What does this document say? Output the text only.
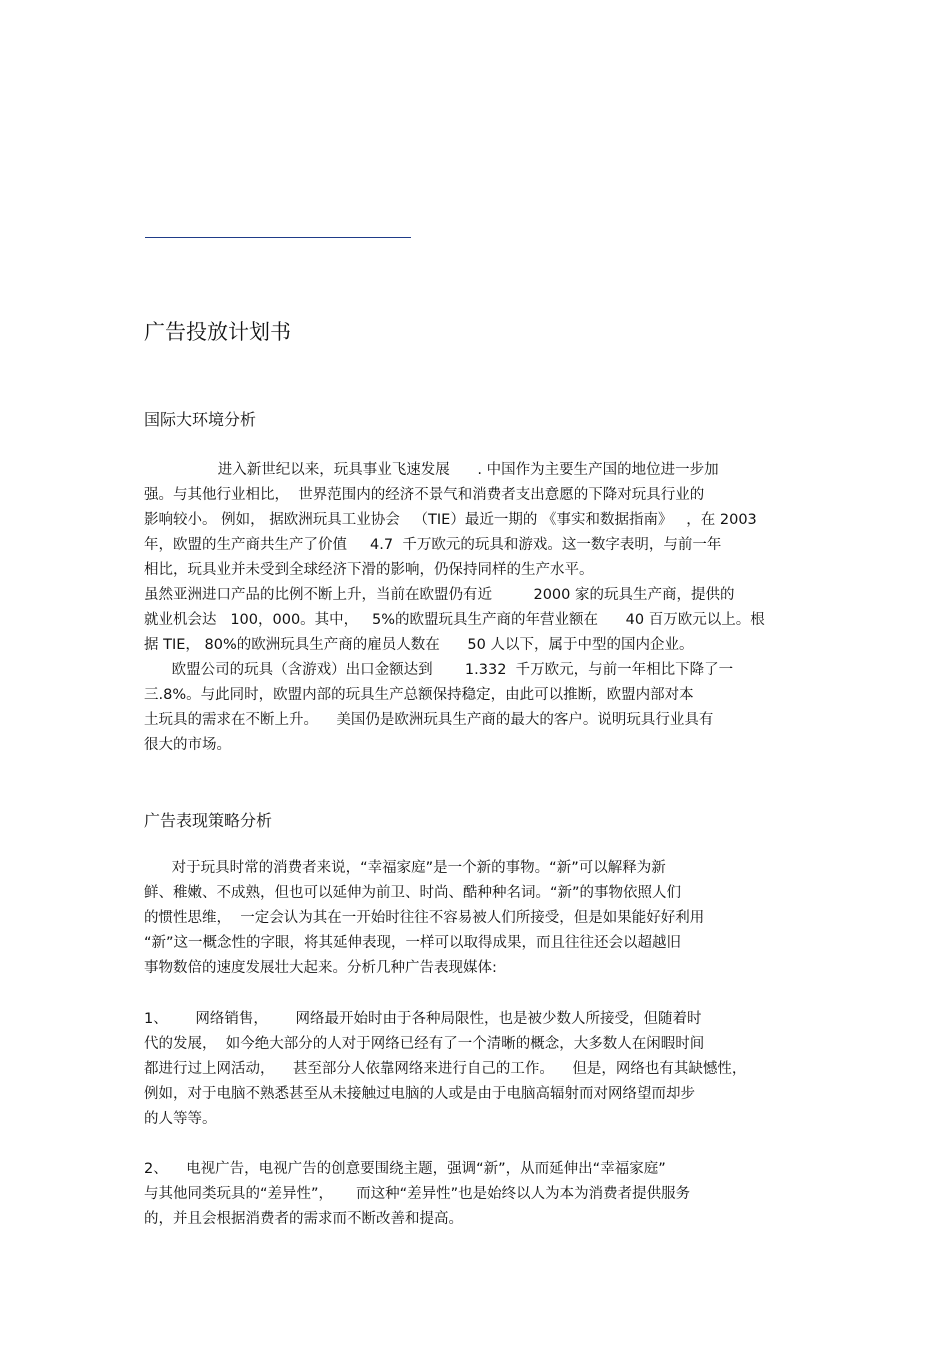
广告投放计划书
国际大环境分析
进入新世纪以来，玩具事业飞速发展      . 中国作为主要生产国的地位进一步加
强。与其他行业相比，  世界范围内的经济不景气和消费者支出意愿的下降对玩具行业的
影响较小。 例如， 据欧洲玩具工业协会   （TIE）最近一期的 《事实和数据指南》   ，在 2003
年，欧盟的生产商共生产了价值     4.7  千万欧元的玩具和游戏。这一数字表明，与前一年
相比，玩具业并未受到全球经济下滑的影响，仍保持同样的生产水平。
虽然亚洲进口产品的比例不断上升，当前在欧盟仍有近         2000 家的玩具生产商，提供的
就业机会达   100，000。其中，   5%的欧盟玩具生产商的年营业额在      40 百万欧元以上。根
据 TIE， 80%的欧洲玩具生产商的雇员人数在      50 人以下，属于中型的国内企业。
欧盟公司的玩具（含游戏）出口金额达到       1.332  千万欧元，与前一年相比下降了一
三.8%。与此同时，欧盟内部的玩具生产总额保持稳定，由此可以推断，欧盟内部对本
土玩具的需求在不断上升。    美国仍是欧洲玩具生产商的最大的客户。说明玩具行业具有
很大的市场。
广告表现策略分析
对于玩具时常的消费者来说，“幸福家庭”是一个新的事物。“新”可以解释为新
鲜、稚嫩、不成熟，但也可以延伸为前卫、时尚、酷种种名词。“新”的事物依照人们
的惯性思维，  一定会认为其在一开始时往往不容易被人们所接受，但是如果能好好利用
“新”这一概念性的字眼，将其延伸表现，一样可以取得成果，而且往往还会以超越旧
事物数倍的速度发展壮大起来。分析几种广告表现媒体:
1、      网络销售，      网络最开始时由于各种局限性，也是被少数人所接受，但随着时
代的发展，  如今绝大部分的人对于网络已经有了一个清晰的概念，大多数人在闲暇时间
都进行过上网活动，    甚至部分人依靠网络来进行自己的工作。    但是，网络也有其缺憾性，
例如，对于电脑不熟悉甚至从未接触过电脑的人或是由于电脑高辐射而对网络望而却步
的人等等。
2、    电视广告，电视广告的创意要围绕主题，强调“新”，从而延伸出“幸福家庭”
与其他同类玩具的“差异性”，     而这种“差异性”也是始终以人为本为消费者提供服务
的，并且会根据消费者的需求而不断改善和提高。
